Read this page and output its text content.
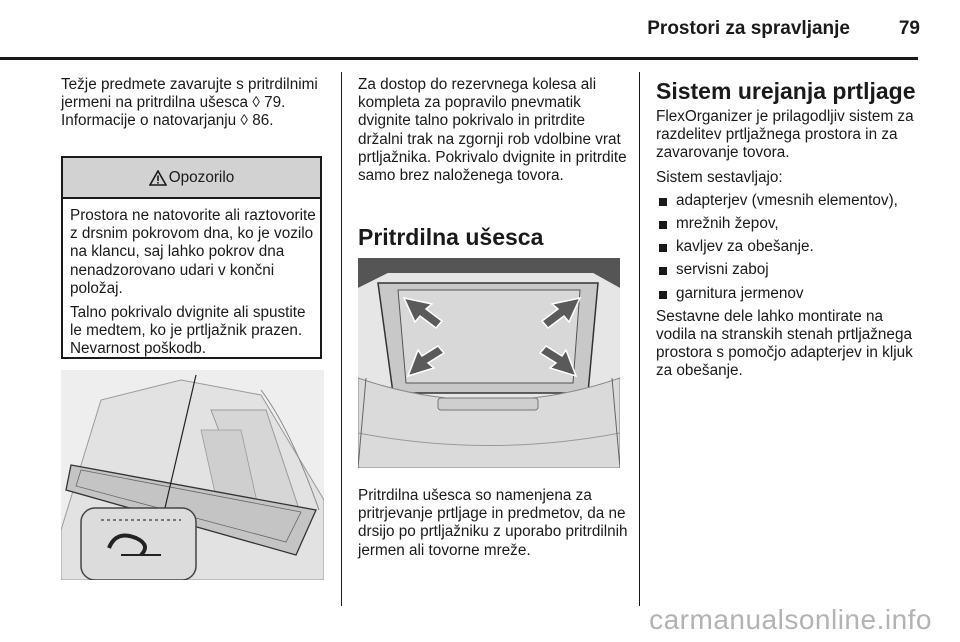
Prostori za spravljanje	79
Težje predmete zavarujte s pritrdilnimi jermeni na pritrdilna ušesca ◊ 79. Informacije o natovarjanju ◊ 86.
Opozorilo

Prostora ne natovorite ali raztovorite z drsnim pokrovom dna, ko je vozilo na klancu, saj lahko pokrov dna nenadzorovano udari v končni položaj.

Talno pokrivalo dvignite ali spustite le medtem, ko je prtljažnik prazen. Nevarnost poškodb.

Za dostop do rezervnega kolesa ali kompleta za popravilo pnevmatik dvignite talno pokrivalo in pritrdite držalni trak na zgornji rob vdolbine vrat prtljažnika. Pokrivalo dvignite in pritrdite samo brez naloženega tovora.
Pritrdilna ušesca
Pritrdilna ušesca so namenjena za pritrjevanje prtljage in predmetov, da ne drsijo po prtljažniku z uporabo pritrdilnih jermen ali tovorne mreže.
Sistem urejanja prtljage

FlexOrganizer je prilagodljiv sistem za razdelitev prtljažnega prostora in za zavarovanje tovora.

Sistem sestavljajo:

adapterjev (vmesnih elementov),
mrežnih žepov,
kavljev za obešanje.
servisni zaboj
garnitura jermenov

Sestavne dele lahko montirate na vodila na stranskih stenah prtljažnega prostora s pomočjo adapterjev in kljuk za obešanje.

carmanualsonline.info
